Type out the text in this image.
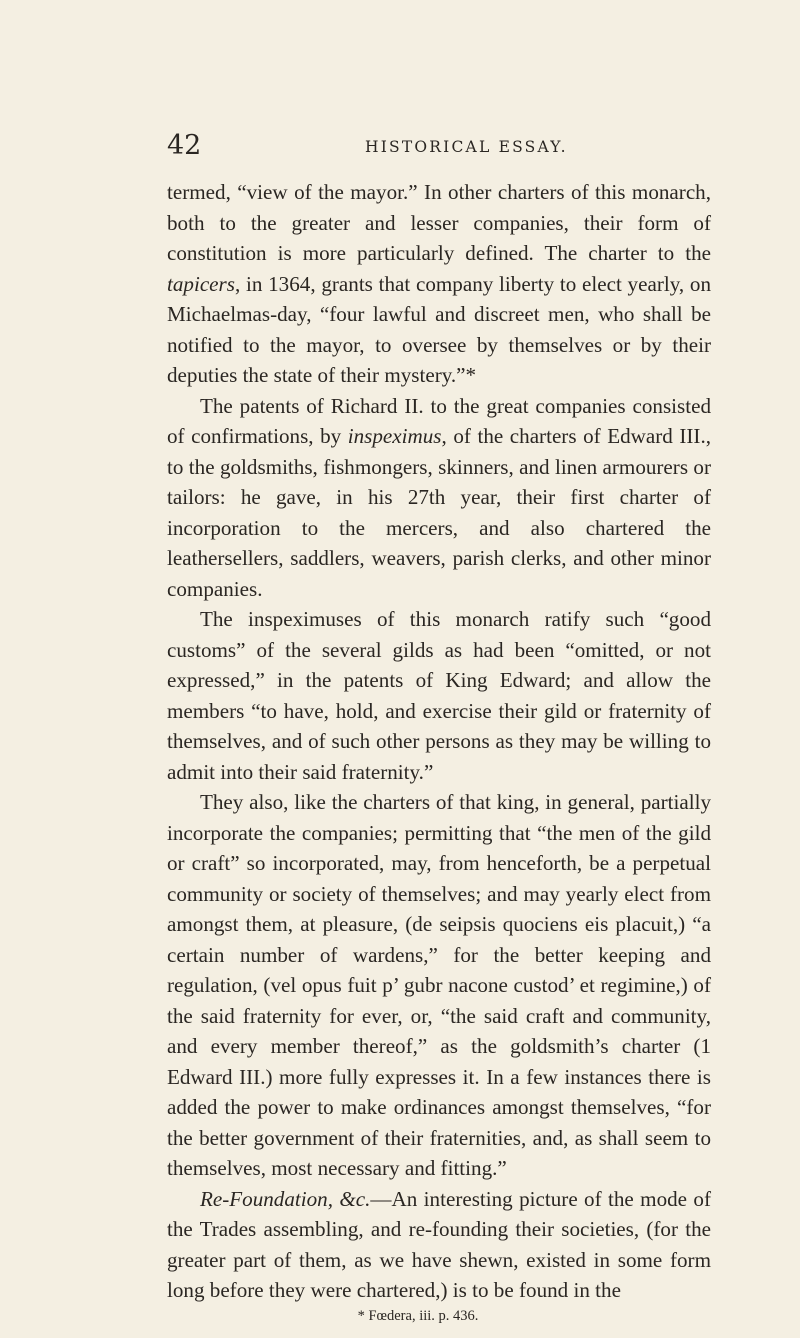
42	HISTORICAL ESSAY.

termed, “view of the mayor.” In other charters of this monarch, both to the greater and lesser companies, their form of constitution is more particularly defined. The charter to the tapicers, in 1364, grants that company liberty to elect yearly, on Michaelmas-day, “four lawful and discreet men, who shall be notified to the mayor, to oversee by themselves or by their deputies the state of their mystery.”*

The patents of Richard II. to the great companies consisted of confirmations, by inspeximus, of the charters of Edward III., to the goldsmiths, fishmongers, skinners, and linen armourers or tailors: he gave, in his 27th year, their first charter of incorporation to the mercers, and also chartered the leathersellers, saddlers, weavers, parish clerks, and other minor companies.

The inspeximuses of this monarch ratify such “good customs” of the several gilds as had been “omitted, or not expressed,” in the patents of King Edward; and allow the members “to have, hold, and exercise their gild or fraternity of themselves, and of such other persons as they may be willing to admit into their said fraternity.”

They also, like the charters of that king, in general, partially incorporate the companies; permitting that “the men of the gild or craft” so incorporated, may, from henceforth, be a perpetual community or society of themselves; and may yearly elect from amongst them, at pleasure, (de seipsis quociens eis placuit,) “a certain number of wardens,” for the better keeping and regulation, (vel opus fuit p’ gubr nacone custod’ et regimine,) of the said fraternity for ever, or, “the said craft and community, and every member thereof,” as the goldsmith’s charter (1 Edward III.) more fully expresses it. In a few instances there is added the power to make ordinances amongst themselves, “for the better government of their fraternities, and, as shall seem to themselves, most necessary and fitting.”

Re-Foundation, &c.—An interesting picture of the mode of the Trades assembling, and re-founding their societies, (for the greater part of them, as we have shewn, existed in some form long before they were chartered,) is to be found in the

* Fœdera, iii. p. 436.
